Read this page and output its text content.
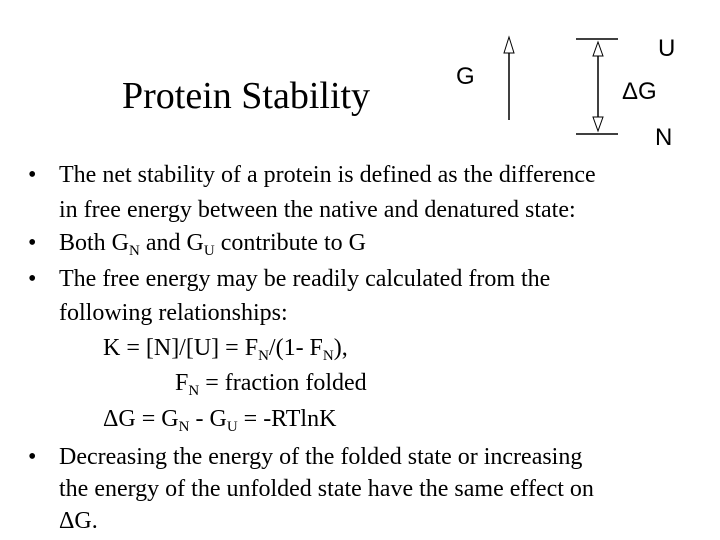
Protein Stability	G
U
N
ΔG
• The net stability of a protein is defined as the difference
in free energy between the native and denatured state:
• Both $G_N$ and $G_U$ contribute to G
• The free energy may be readily calculated from the
following relationships:
$K = [N]/[U] = F_N/(1-$ $F_N$),
$F_N$ = fraction folded
$\Delta G = G_N - G_U = -RTlnK$
• Decreasing the energy of the folded state or increasing
the energy of the unfolded state have the same effect on
ΔG.
